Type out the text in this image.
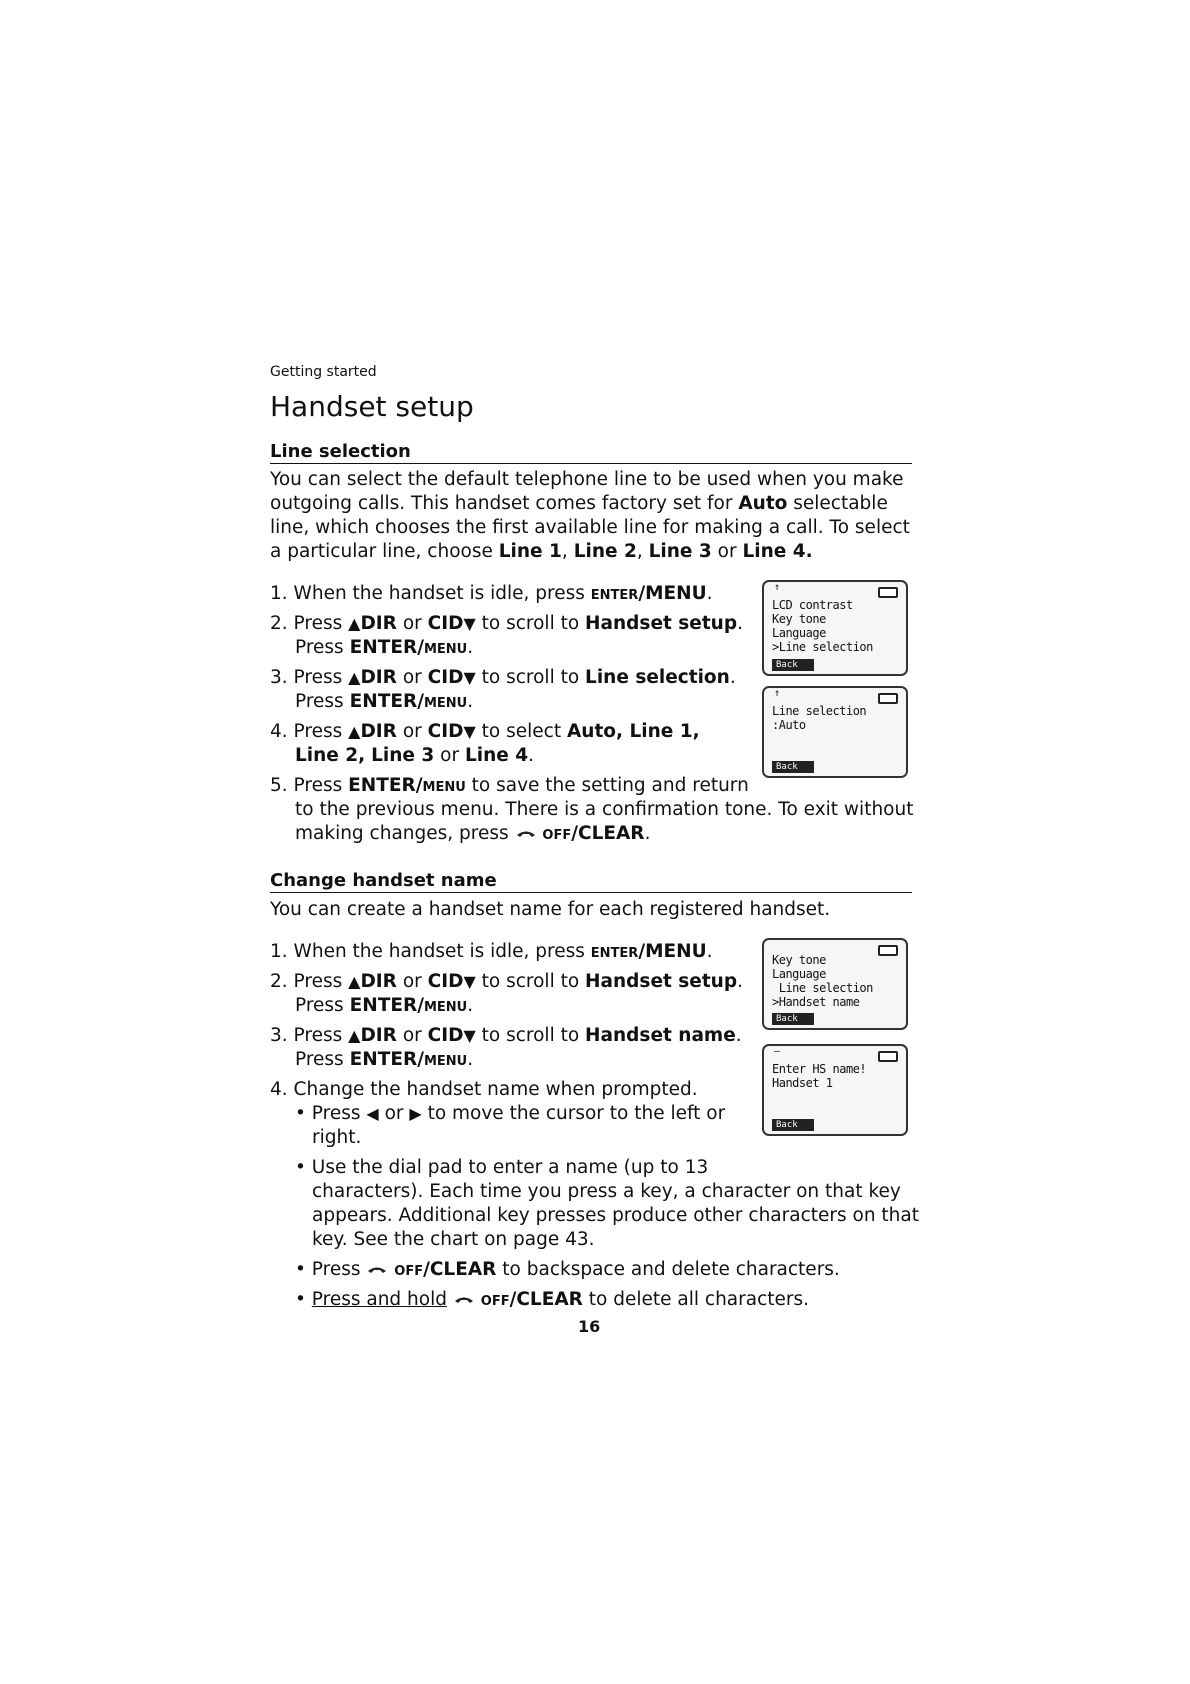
Getting started
Handset setup
Line selection
You can select the default telephone line to be used when you make outgoing calls. This handset comes factory set for Auto selectable line, which chooses the first available line for making a call. To select a particular line, choose Line 1, Line 2, Line 3 or Line 4.
1. When the handset is idle, press ENTER/MENU.
2. Press ▲DIR or CID▼ to scroll to Handset setup.
Press ENTER/MENU.
3. Press ▲DIR or CID▼ to scroll to Line selection.
Press ENTER/MENU.
4. Press ▲DIR or CID▼ to select Auto, Line 1,
Line 2, Line 3 or Line 4.
5. Press ENTER/MENU to save the setting and return
to the previous menu. There is a confirmation tone. To exit without
making changes, press  OFF/CLEAR.
↑
LCD contrast
Key tone
Language
>Line selection
Back
↑
Line selection
:Auto
Back
Change handset name
You can create a handset name for each registered handset.
1. When the handset is idle, press ENTER/MENU.
2. Press ▲DIR or CID▼ to scroll to Handset setup.
Press ENTER/MENU.
3. Press ▲DIR or CID▼ to scroll to Handset name.
Press ENTER/MENU.
4. Change the handset name when prompted.
• Press ◀ or ▶ to move the cursor to the left or
right.
• Use the dial pad to enter a name (up to 13
characters). Each time you press a key, a character on that key
appears. Additional key presses produce other characters on that
key. See the chart on page 43.
• Press  OFF/CLEAR to backspace and delete characters.
• Press and hold	OFF/CLEAR to delete all characters.
Key tone
Language
Line selection
>Handset name
Back
—
Enter HS name!
Handset 1
Back
16
